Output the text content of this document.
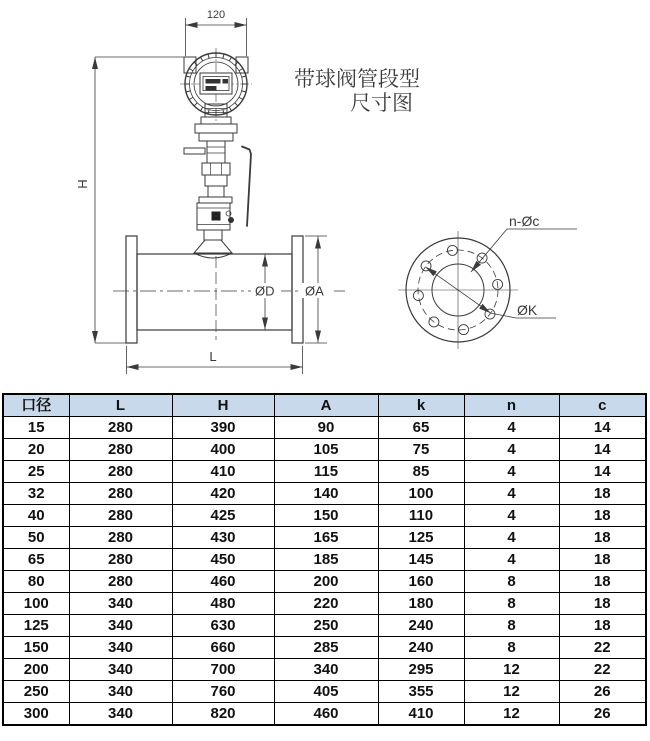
120
H
ØD ØA
L
n-Øc
ØK
带球阀管段型
尺寸图
口径	L	H	A	k	n	c
15	280	390	90	65	4	14
20	280	400	105	75	4	14
25	280	410	115	85	4	14
32	280	420	140	100	4	18
40	280	425	150	110	4	18
50	280	430	165	125	4	18
65	280	450	185	145	4	18
80	280	460	200	160	8	18
100	340	480	220	180	8	18
125	340	630	250	240	8	18
150	340	660	285	240	8	22
200	340	700	340	295	12	22
250	340	760	405	355	12	26
300	340	820	460	410	12	26
